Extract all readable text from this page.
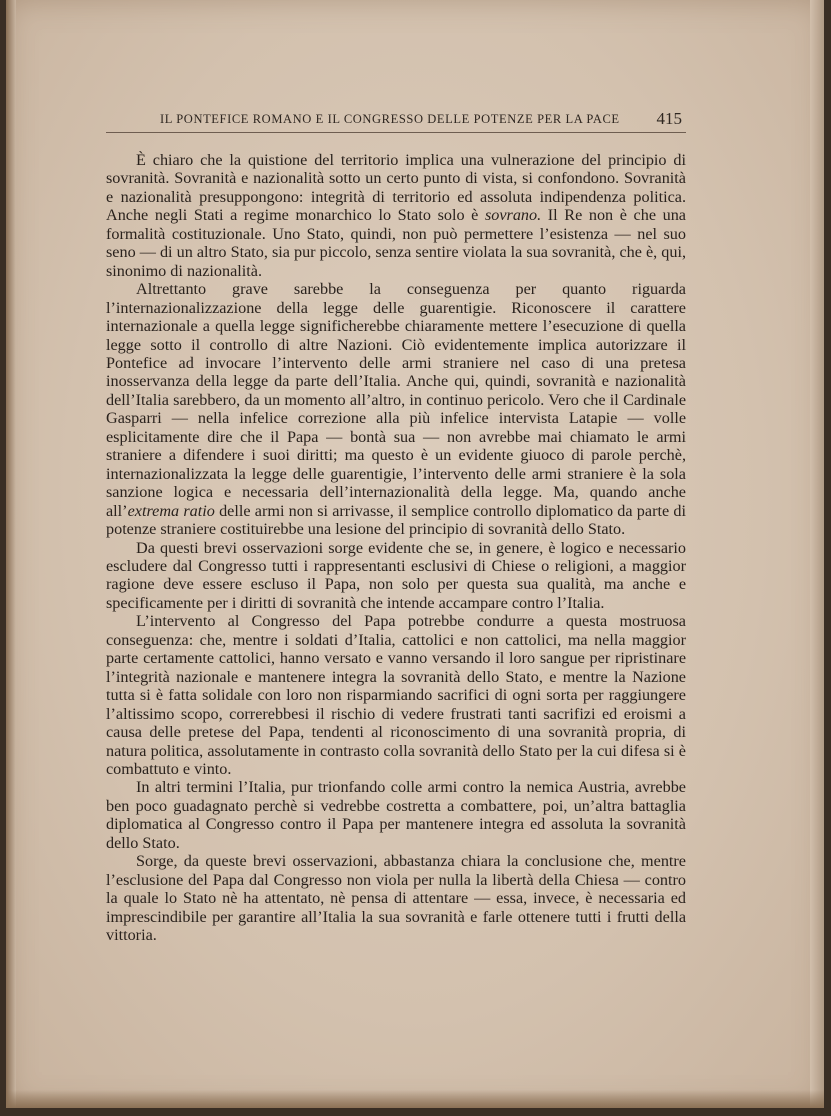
IL PONTEFICE ROMANO E IL CONGRESSO DELLE POTENZE PER LA PACE 415

È chiaro che la quistione del territorio implica una vulnerazione del principio di sovranità. Sovranità e nazionalità sotto un certo punto di vista, si confondono. Sovranità e nazionalità presuppongono: integrità di territorio ed assoluta indipendenza politica. Anche negli Stati a regime monarchico lo Stato solo è sovrano. Il Re non è che una formalità costituzionale. Uno Stato, quindi, non può permettere l’esistenza — nel suo seno — di un altro Stato, sia pur piccolo, senza sentire violata la sua sovranità, che è, qui, sinonimo di nazionalità.

Altrettanto grave sarebbe la conseguenza per quanto riguarda l’internazionalizzazione della legge delle guarentigie. Riconoscere il carattere internazionale a quella legge significherebbe chiaramente mettere l’esecuzione di quella legge sotto il controllo di altre Nazioni. Ciò evidentemente implica autorizzare il Pontefice ad invocare l’intervento delle armi straniere nel caso di una pretesa inosservanza della legge da parte dell’Italia. Anche qui, quindi, sovranità e nazionalità dell’Italia sarebbero, da un momento all’altro, in continuo pericolo. Vero che il Cardinale Gasparri — nella infelice correzione alla più infelice intervista Latapie — volle esplicitamente dire che il Papa — bontà sua — non avrebbe mai chiamato le armi straniere a difendere i suoi diritti; ma questo è un evidente giuoco di parole perchè, internazionalizzata la legge delle guarentigie, l’intervento delle armi straniere è la sola sanzione logica e necessaria dell’internazionalità della legge. Ma, quando anche all’extrema ratio delle armi non si arrivasse, il semplice controllo diplomatico da parte di potenze straniere costituirebbe una lesione del principio di sovranità dello Stato.

Da questi brevi osservazioni sorge evidente che se, in genere, è logico e necessario escludere dal Congresso tutti i rappresentanti esclusivi di Chiese o religioni, a maggior ragione deve essere escluso il Papa, non solo per questa sua qualità, ma anche e specificamente per i diritti di sovranità che intende accampare contro l’Italia.

L’intervento al Congresso del Papa potrebbe condurre a questa mostruosa conseguenza: che, mentre i soldati d’Italia, cattolici e non cattolici, ma nella maggior parte certamente cattolici, hanno versato e vanno versando il loro sangue per ripristinare l’integrità nazionale e mantenere integra la sovranità dello Stato, e mentre la Nazione tutta si è fatta solidale con loro non risparmiando sacrifici di ogni sorta per raggiungere l’altissimo scopo, correrebbesi il rischio di vedere frustrati tanti sacrifizi ed eroismi a causa delle pretese del Papa, tendenti al riconoscimento di una sovranità propria, di natura politica, assolutamente in contrasto colla sovranità dello Stato per la cui difesa si è combattuto e vinto.

In altri termini l’Italia, pur trionfando colle armi contro la nemica Austria, avrebbe ben poco guadagnato perchè si vedrebbe costretta a combattere, poi, un’altra battaglia diplomatica al Congresso contro il Papa per mantenere integra ed assoluta la sovranità dello Stato.

Sorge, da queste brevi osservazioni, abbastanza chiara la conclusione che, mentre l’esclusione del Papa dal Congresso non viola per nulla la libertà della Chiesa — contro la quale lo Stato nè ha attentato, nè pensa di attentare — essa, invece, è necessaria ed imprescindibile per garantire all’Italia la sua sovranità e farle ottenere tutti i frutti della vittoria.
